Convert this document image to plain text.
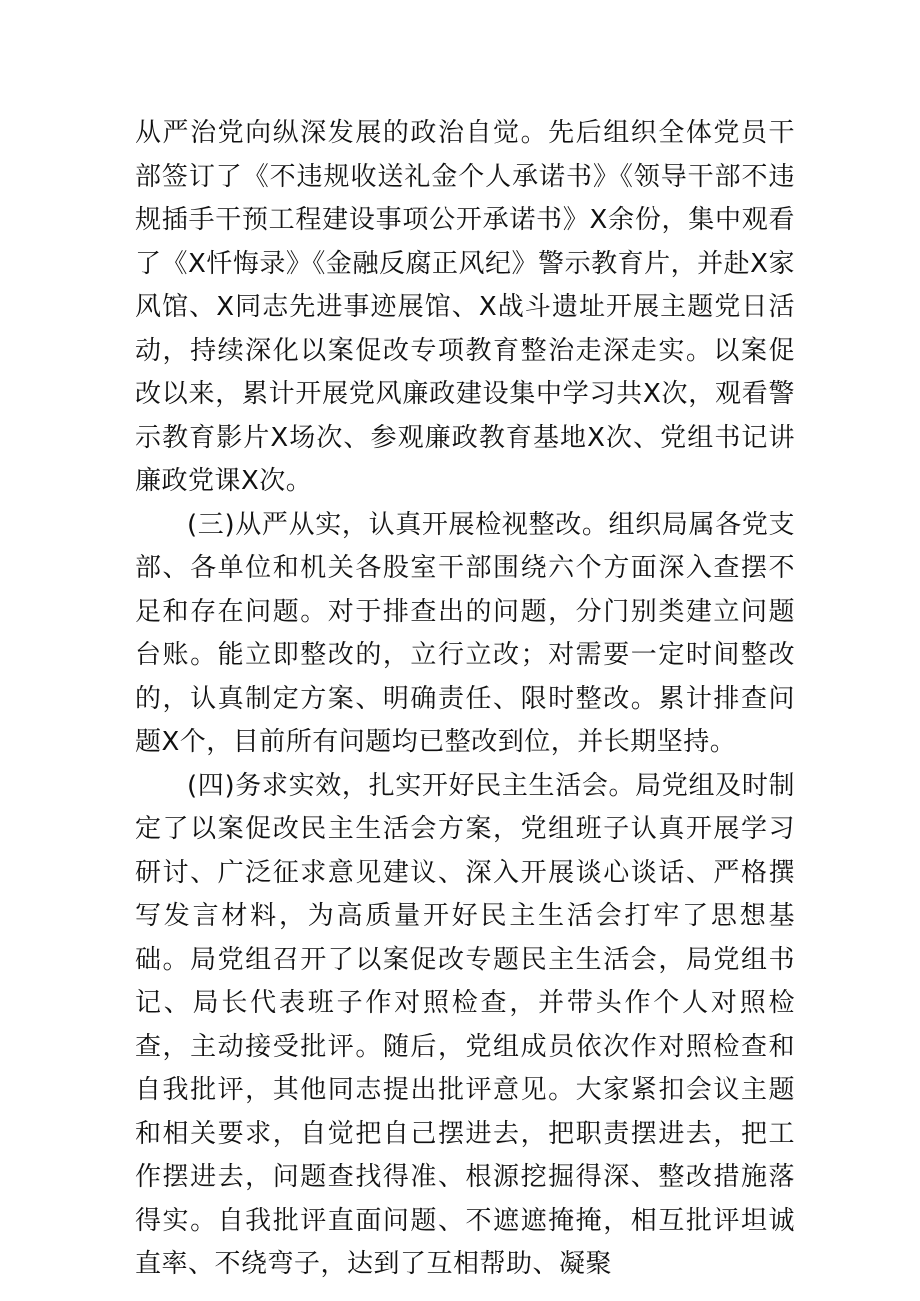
从严治党向纵深发展的政治自觉。先后组织全体党员干部签订了《不违规收送礼金个人承诺书》《领导干部不违规插手干预工程建设事项公开承诺书》X余份，集中观看了《X忏悔录》《金融反腐正风纪》警示教育片，并赴X家风馆、X同志先进事迹展馆、X战斗遗址开展主题党日活动，持续深化以案促改专项教育整治走深走实。以案促改以来，累计开展党风廉政建设集中学习共X次，观看警示教育影片X场次、参观廉政教育基地X次、党组书记讲廉政党课X次。

(三)从严从实，认真开展检视整改。组织局属各党支部、各单位和机关各股室干部围绕六个方面深入查摆不足和存在问题。对于排查出的问题，分门别类建立问题台账。能立即整改的，立行立改；对需要一定时间整改的，认真制定方案、明确责任、限时整改。累计排查问题X个，目前所有问题均已整改到位，并长期坚持。

(四)务求实效，扎实开好民主生活会。局党组及时制定了以案促改民主生活会方案，党组班子认真开展学习研讨、广泛征求意见建议、深入开展谈心谈话、严格撰写发言材料，为高质量开好民主生活会打牢了思想基础。局党组召开了以案促改专题民主生活会，局党组书记、局长代表班子作对照检查，并带头作个人对照检查，主动接受批评。随后，党组成员依次作对照检查和自我批评，其他同志提出批评意见。大家紧扣会议主题和相关要求，自觉把自己摆进去，把职责摆进去，把工作摆进去，问题查找得准、根源挖掘得深、整改措施落得实。自我批评直面问题、不遮遮掩掩，相互批评坦诚直率、不绕弯子，达到了互相帮助、凝聚
